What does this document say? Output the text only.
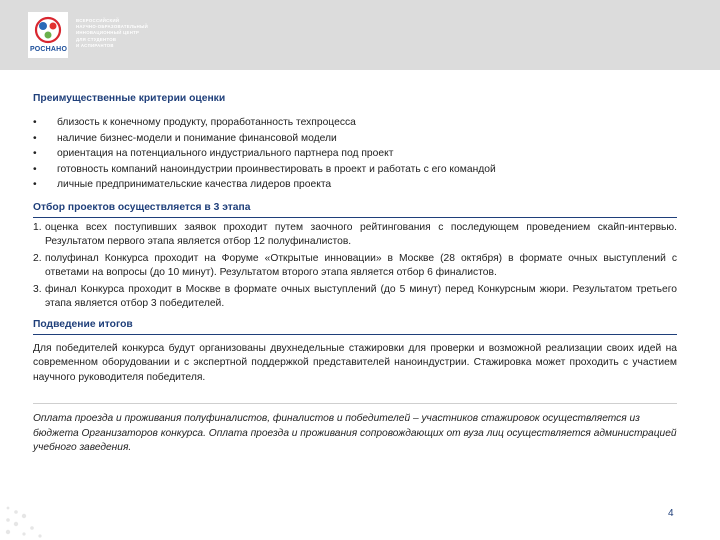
РОСНАНО
ВСЕРОССИЙСКИЙ
НАУЧНО-ОБРАЗОВАТЕЛЬНЫЙ
ИННОВАЦИОННЫЙ ЦЕНТР
ДЛЯ СТУДЕНТОВ
И АСПИРАНТОВ
Преимущественные критерии оценки
• близость к конечному продукту, проработанность техпроцесса
• наличие бизнес-модели и понимание финансовой модели
• ориентация на потенциального индустриального партнера под проект
• готовность компаний наноиндустрии проинвестировать в проект и работать с его командой
• личные предпринимательские качества лидеров проекта
Отбор проектов осуществляется в 3 этапа
1. оценка всех поступивших заявок проходит путем заочного рейтингования с последующем проведением скайп-интервью. Результатом первого этапа является отбор 12 полуфиналистов.
2. полуфинал Конкурса проходит на Форуме «Открытые инновации» в Москве (28 октября) в формате очных выступлений с ответами на вопросы (до 10 минут). Результатом второго этапа является отбор 6 финалистов.
3. финал Конкурса проходит в Москве в формате очных выступлений (до 5 минут) перед Конкурсным жюри. Результатом третьего этапа является отбор 3 победителей.
Подведение итогов
Для победителей конкурса будут организованы двухнедельные стажировки для проверки и возможной реализации своих идей на современном оборудовании и с экспертной поддержкой представителей наноиндустрии. Стажировка может проходить с участием научного руководителя победителя.
Оплата проезда и проживания полуфиналистов, финалистов и победителей – участников стажировок осуществляется из бюджета Организаторов конкурса. Оплата проезда и проживания сопровождающих от вуза лиц осуществляется администрацией учебного заведения.
4
